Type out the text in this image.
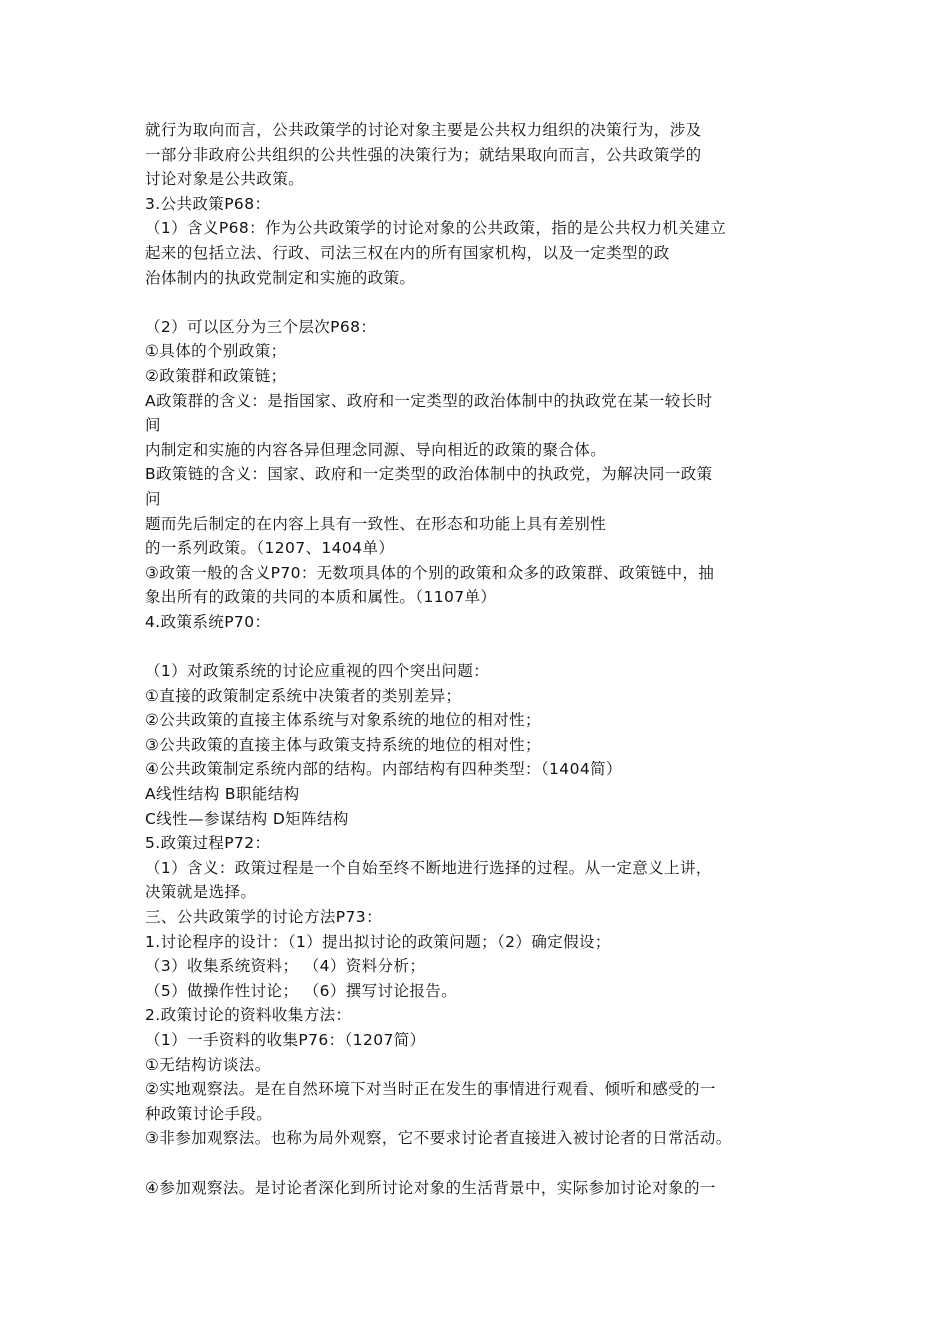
就行为取向而言，公共政策学的讨论对象主要是公共权力组织的决策行为，涉及
一部分非政府公共组织的公共性强的决策行为；就结果取向而言，公共政策学的
讨论对象是公共政策。
3.公共政策P68：
（1）含义P68：作为公共政策学的讨论对象的公共政策，指的是公共权力机关建立
起来的包括立法、行政、司法三权在内的所有国家机构，以及一定类型的政
治体制内的执政党制定和实施的政策。
（2）可以区分为三个层次P68：
①具体的个别政策；
②政策群和政策链；
A政策群的含义：是指国家、政府和一定类型的政治体制中的执政党在某一较长时
间
内制定和实施的内容各异但理念同源、导向相近的政策的聚合体。
B政策链的含义：国家、政府和一定类型的政治体制中的执政党，为解决同一政策
问
题而先后制定的在内容上具有一致性、在形态和功能上具有差别性
的一系列政策。（1207、1404单）
③政策一般的含义P70：无数项具体的个别的政策和众多的政策群、政策链中，抽
象出所有的政策的共同的本质和属性。（1107单）
4.政策系统P70：
（1）对政策系统的讨论应重视的四个突出问题：
①直接的政策制定系统中决策者的类别差异；
②公共政策的直接主体系统与对象系统的地位的相对性；
③公共政策的直接主体与政策支持系统的地位的相对性；
④公共政策制定系统内部的结构。内部结构有四种类型：（1404简）
A线性结构 B职能结构
C线性—参谋结构 D矩阵结构
5.政策过程P72：
（1）含义：政策过程是一个自始至终不断地进行选择的过程。从一定意义上讲，
决策就是选择。
三、公共政策学的讨论方法P73：
1.讨论程序的设计：（1）提出拟讨论的政策问题；（2）确定假设；
（3）收集系统资料； （4）资料分析；
（5）做操作性讨论； （6）撰写讨论报告。
2.政策讨论的资料收集方法：
（1）一手资料的收集P76：（1207简）
①无结构访谈法。
②实地观察法。是在自然环境下对当时正在发生的事情进行观看、倾听和感受的一
种政策讨论手段。
③非参加观察法。也称为局外观察，它不要求讨论者直接进入被讨论者的日常活动。
④参加观察法。是讨论者深化到所讨论对象的生活背景中，实际参加讨论对象的一
